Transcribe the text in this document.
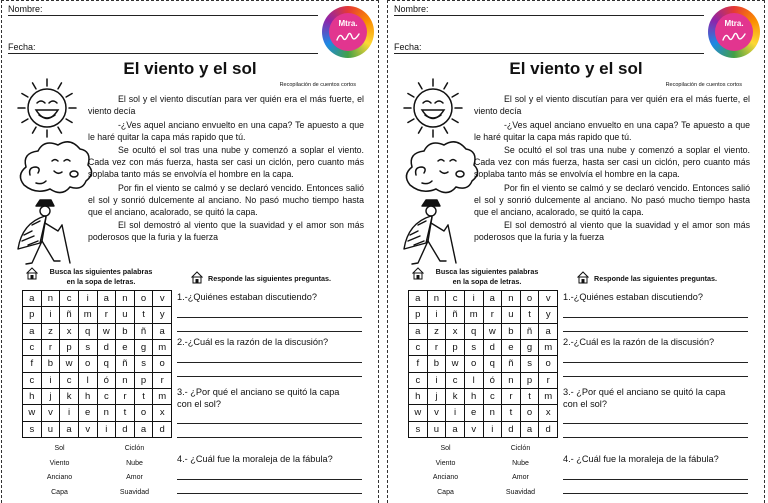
Nombre:
Fecha:
Mtra.
El viento y el sol
Recopilación de cuentos cortos

El sol y el viento discutían para ver quién era el más fuerte, el viento decía

-¿Ves aquel anciano envuelto en una capa? Te apuesto a que le haré quitar la capa más rapido que tú.

Se ocultó el sol tras una nube y comenzó a soplar el viento. Cada vez con más fuerza, hasta ser casi un ciclón, pero cuanto más soplaba tanto más se envolvía el hombre en la capa.

Por fin el viento se calmó y se declaró vencido. Entonces salió el sol y sonrió dulcemente al anciano. No pasó mucho tiempo hasta que el anciano, acalorado, se quitó la capa.

El sol demostró al viento que la suavidad y el amor son más poderosos que la furia y la fuerza

Busca las siguientes palabras
en la sopa de letras.	Responde las siguientes preguntas.
a	n	c	i	a	n	o	v
p	i	ñ	m	r	u	t	y
a	z	x	q	w	b	ñ	a
c	r	p	s	d	e	g	m
f	b	w	o	q	ñ	s	o
c	i	c	l	ó	n	p	r
h	j	k	h	c	r	t	m
w	v	i	e	n	t	o	x
s	u	a	v	i	d	a	d
Sol	Ciclón
Viento	Nube
Anciano	Amor
Capa	Suavidad
1.-¿Quiénes estaban discutiendo?
2.-¿Cuál es la razón de la discusión?
3.- ¿Por qué el anciano se quitó la capa con el sol?
4.- ¿Cuál fue la moraleja de la fábula?
Nombre:
Fecha:
Mtra.
El viento y el sol
Recopilación de cuentos cortos

El sol y el viento discutían para ver quién era el más fuerte, el viento decía

-¿Ves aquel anciano envuelto en una capa? Te apuesto a que le haré quitar la capa más rapido que tú.

Se ocultó el sol tras una nube y comenzó a soplar el viento. Cada vez con más fuerza, hasta ser casi un ciclón, pero cuanto más soplaba tanto más se envolvía el hombre en la capa.

Por fin el viento se calmó y se declaró vencido. Entonces salió el sol y sonrió dulcemente al anciano. No pasó mucho tiempo hasta que el anciano, acalorado, se quitó la capa.

El sol demostró al viento que la suavidad y el amor son más poderosos que la furia y la fuerza

Busca las siguientes palabras
en la sopa de letras.	Responde las siguientes preguntas.
a	n	c	i	a	n	o	v
p	i	ñ	m	r	u	t	y
a	z	x	q	w	b	ñ	a
c	r	p	s	d	e	g	m
f	b	w	o	q	ñ	s	o
c	i	c	l	ó	n	p	r
h	j	k	h	c	r	t	m
w	v	i	e	n	t	o	x
s	u	a	v	i	d	a	d
Sol	Ciclón
Viento	Nube
Anciano	Amor
Capa	Suavidad
1.-¿Quiénes estaban discutiendo?
2.-¿Cuál es la razón de la discusión?
3.- ¿Por qué el anciano se quitó la capa con el sol?
4.- ¿Cuál fue la moraleja de la fábula?
